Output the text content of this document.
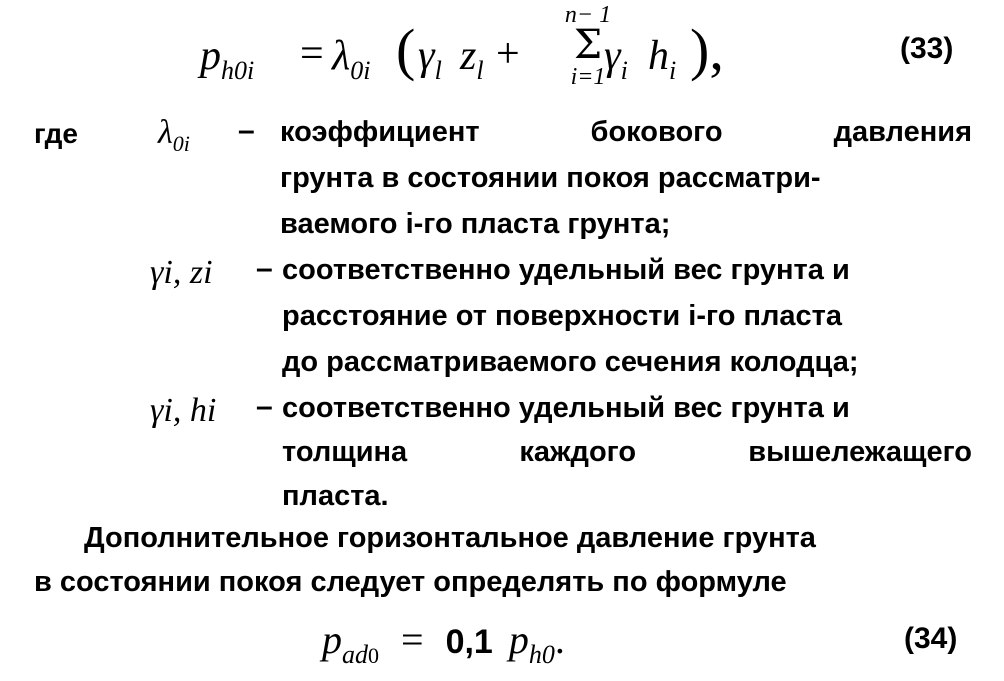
$p_{h0i} = \lambda_{0i}$ ( $\gamma_l$ $z_l$ +
n− 1
Σ
i=1
$\gamma_i$ $h_i$ ),	(33)
где $\lambda_{0i}$ – коэффициент	бокового	давления
грунта в состоянии покоя рассматри-
ваемого i-го пласта грунта;
γi, zi – соответственно удельный вес грунта и
расстояние от поверхности i-го пласта
до рассматриваемого сечения колодца;
γi, hi – соответственно удельный вес грунта и
толщина	каждого	вышележащего
пласта.
Дополнительное горизонтальное давление грунта
в состоянии покоя следует определять по формуле
$p_{ad0} = 0,1$ $p_{h0}$.	(34)
